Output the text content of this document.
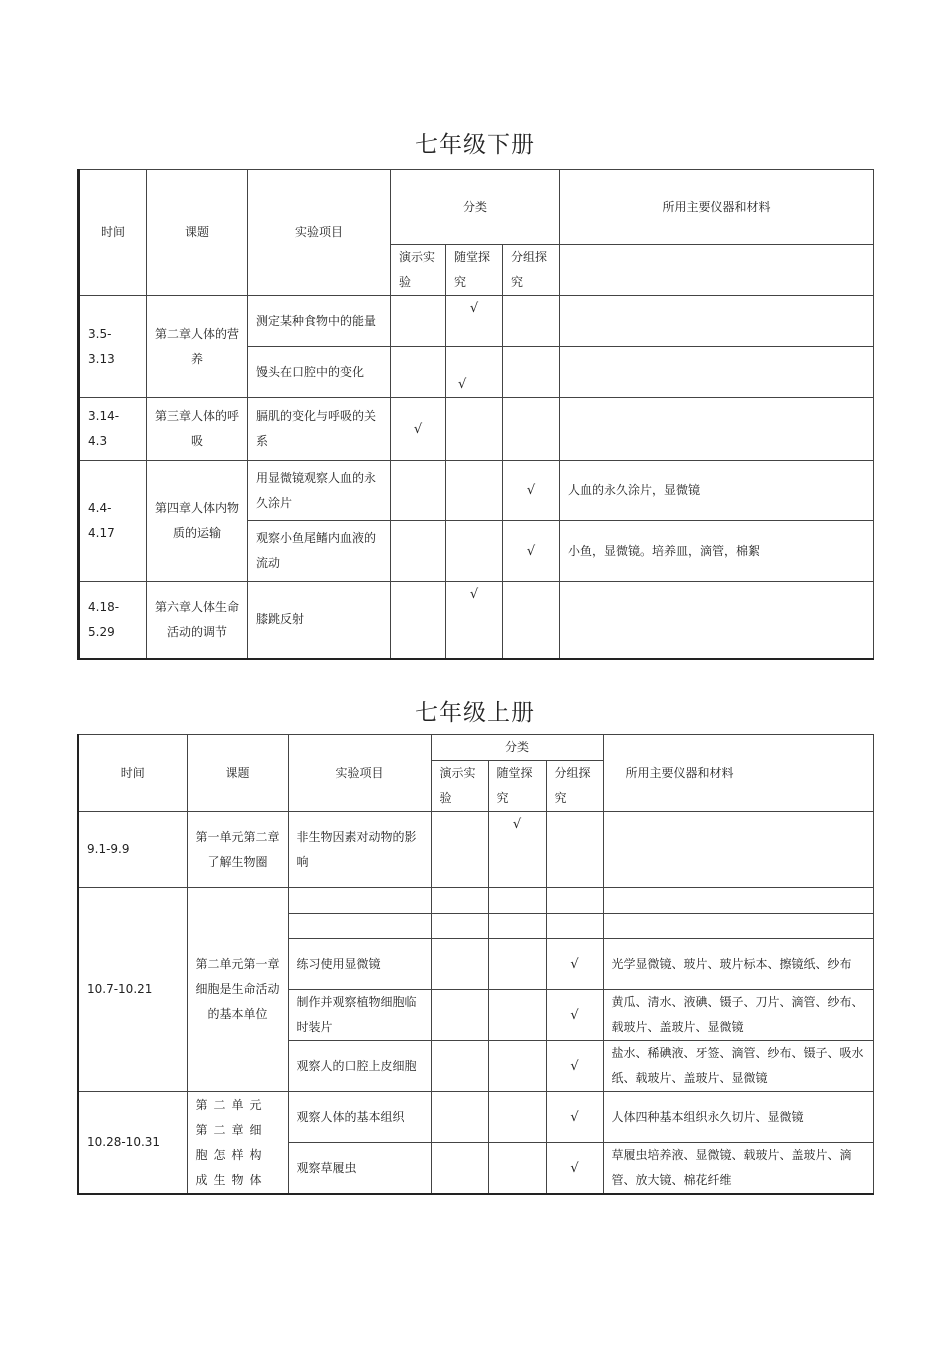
七年级下册
时间	课题	实验项目	分类			所用主要仪器和材料
			演示实验	随堂探究	分组探究	
3.5-3.13	第二章人体的营养	测定某种食物中的能量		√		
		馒头在口腔中的变化		√		
3.14-4.3	第三章人体的呼吸	膈肌的变化与呼吸的关系	√			
4.4-4.17	第四章人体内物质的运输	用显微镜观察人血的永久涂片			√	人血的永久涂片，显微镜
		观察小鱼尾鳍内血液的流动			√	小鱼，显微镜。培养皿，滴管，棉絮
4.18-5.29	第六章人体生命活动的调节	膝跳反射		√		
七年级上册
时间	课题	实验项目	分类			所用主要仪器和材料
			演示实验	随堂探究	分组探究	
9.1-9.9	第一单元第二章了解生物圈	非生物因素对动物的影响		√		
10.7-10.21	第二单元第一章细胞是生命活动的基本单位					

		练习使用显微镜			√	光学显微镜、玻片、玻片标本、擦镜纸、纱布
		制作并观察植物细胞临时装片			√	黄瓜、清水、液碘、镊子、刀片、滴管、纱布、载玻片、盖玻片、显微镜
		观察人的口腔上皮细胞			√	盐水、稀碘液、牙签、滴管、纱布、镊子、吸水纸、载玻片、盖玻片、显微镜
10.28-10.31	第二单元第二章细胞怎样构成生物体	观察人体的基本组织			√	人体四种基本组织永久切片、显微镜
		观察草履虫			√	草履虫培养液、显微镜、载玻片、盖玻片、滴管、放大镜、棉花纤维
